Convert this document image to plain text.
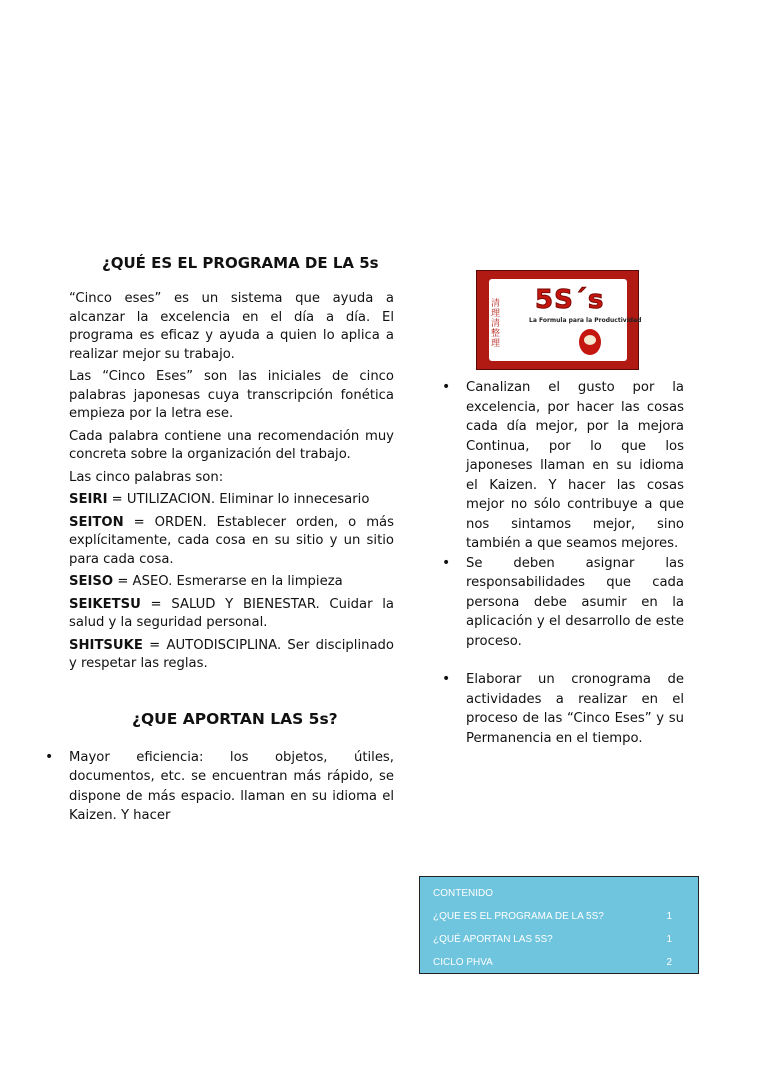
¿QUÉ ES EL PROGRAMA DE LA 5s

“Cinco eses” es un sistema que ayuda a alcanzar la excelencia en el día a día. El programa es eficaz y ayuda a quien lo aplica a realizar mejor su trabajo.

Las “Cinco Eses” son las iniciales de cinco palabras japonesas cuya transcripción fonética empieza por la letra ese.

Cada palabra contiene una recomendación muy concreta sobre la organización del trabajo.

Las cinco palabras son:

SEIRI = UTILIZACION. Eliminar lo innecesario

SEITON = ORDEN. Establecer orden, o más explícitamente, cada cosa en su sitio y un sitio para cada cosa.

SEISO = ASEO. Esmerarse en la limpieza

SEIKETSU = SALUD Y BIENESTAR. Cuidar la salud y la seguridad personal.

SHITSUKE = AUTODISCIPLINA. Ser disciplinado y respetar las reglas.

¿QUE APORTAN LAS 5s?
• Mayor eficiencia: los objetos, útiles, documentos, etc. se encuentran más rápido, se dispone de más espacio. llaman en su idioma el Kaizen. Y hacer
清理清整理
5S´s
La Formula para la Productividad
• Canalizan el gusto por la excelencia, por hacer las cosas cada día mejor, por la mejora Continua, por lo que los japoneses llaman en su idioma el Kaizen. Y hacer las cosas mejor no sólo contribuye a que nos sintamos mejor, sino también a que seamos mejores.
• Se deben asignar las responsabilidades que cada persona debe asumir en la aplicación y el desarrollo de este proceso.
• Elaborar un cronograma de actividades a realizar en el proceso de las “Cinco Eses” y su Permanencia en el tiempo.
CONTENIDO
¿QUE ES EL PROGRAMA DE LA 5S?	1
¿QUÉ APORTAN LAS 5S?	1
CICLO PHVA	2
